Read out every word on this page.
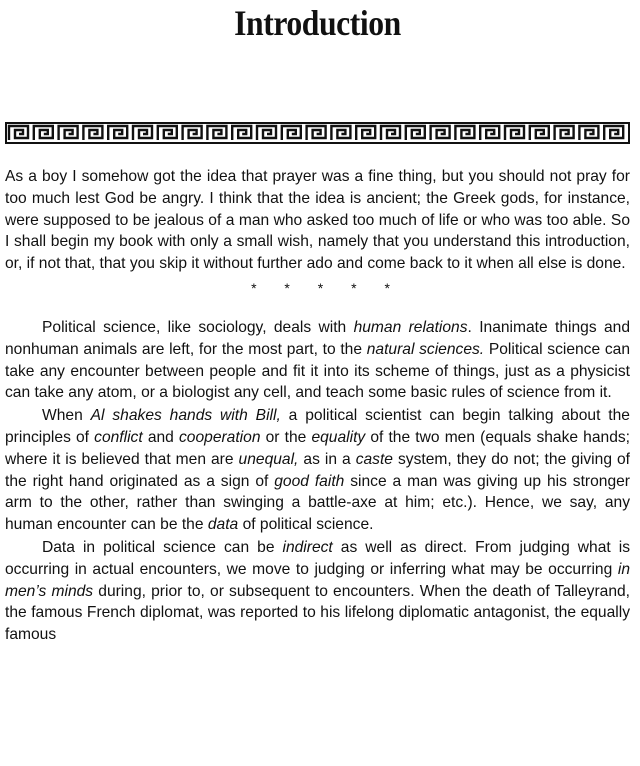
Introduction

As a boy I somehow got the idea that prayer was a fine thing, but you should not pray for too much lest God be angry. I think that the idea is ancient; the Greek gods, for instance, were supposed to be jealous of a man who asked too much of life or who was too able. So I shall begin my book with only a small wish, namely that you understand this introduction, or, if not that, that you skip it without further ado and come back to it when all else is done.

* * * * *

Political science, like sociology, deals with human relations. Inanimate things and nonhuman animals are left, for the most part, to the natural sciences. Political science can take any encounter between people and fit it into its scheme of things, just as a physicist can take any atom, or a biologist any cell, and teach some basic rules of science from it.

When Al shakes hands with Bill, a political scientist can begin talking about the principles of conflict and cooperation or the equality of the two men (equals shake hands; where it is believed that men are unequal, as in a caste system, they do not; the giving of the right hand originated as a sign of good faith since a man was giving up his stronger arm to the other, rather than swinging a battle-axe at him; etc.). Hence, we say, any human encounter can be the data of political science.

Data in political science can be indirect as well as direct. From judging what is occurring in actual encounters, we move to judging or inferring what may be occurring in men’s minds during, prior to, or subsequent to encounters. When the death of Talleyrand, the famous French diplomat, was reported to his lifelong diplomatic antagonist, the equally famous
